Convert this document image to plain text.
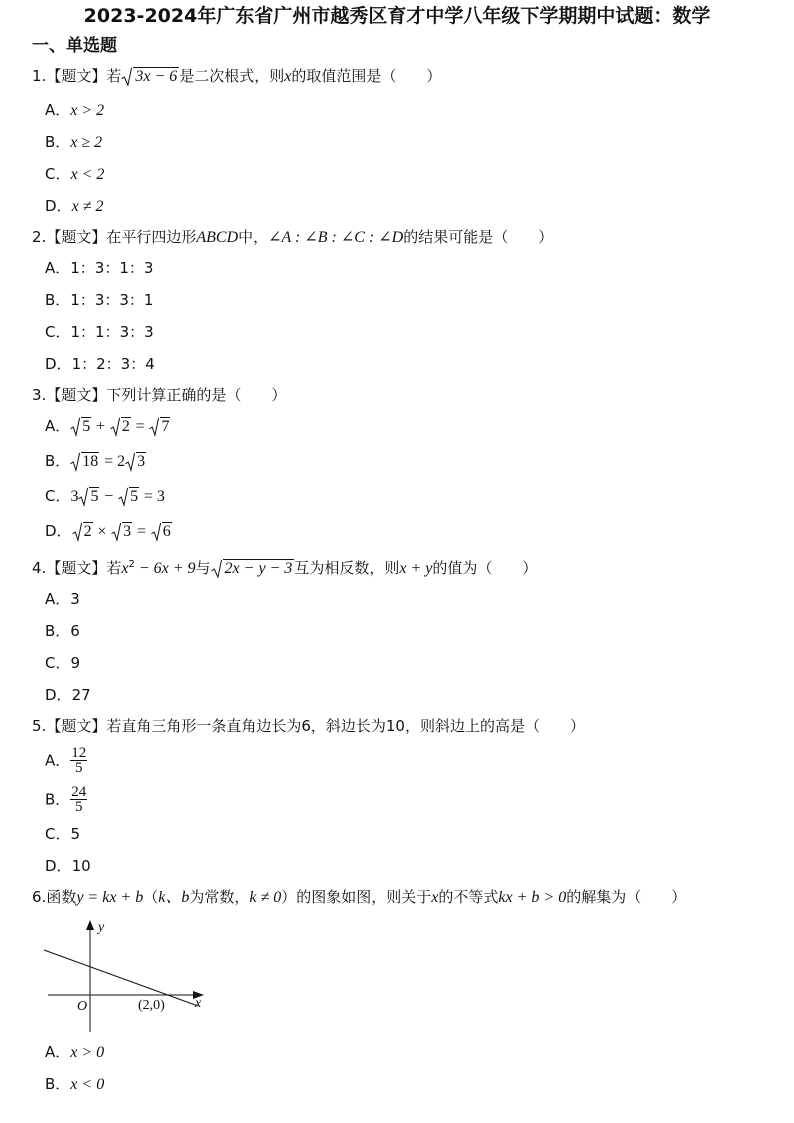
2023-2024年广东省广州市越秀区育才中学八年级下学期期中试题：数学
一、单选题
1.【题文】若 3x − 6 是二次根式，则x的取值范围是（　　）
A．x > 2
B．x ≥ 2
C．x < 2
D．x ≠ 2
2.【题文】在平行四边形ABCD中，∠A : ∠B : ∠C : ∠D的结果可能是（　　）
A．1：3：1：3
B．1：3：3：1
C．1：1：3：3
D．1：2：3：4
3.【题文】下列计算正确的是（　　）
A． 5 + 2 = 7
B． 18 = 2 3
C．3 5 − 5 = 3
D． 2 × 3 = 6
4.【题文】若$x^2 - 6x + 9$与 2x − y − 3 互为相反数，则x + y的值为（　　）
A．3
B．6
C．9
D．27
5.【题文】若直角三角形一条直角边长为6，斜边长为10，则斜边上的高是（　　）
A． $\frac{12}{5}$
B． $\frac{24}{5}$
C．5
D．10
6.函数y = kx + b（k、b为常数，k ≠ 0）的图象如图，则关于x的不等式kx + b > 0的解集为（　　）
y
x
O	(2,0)
A．x > 0
B．x < 0
